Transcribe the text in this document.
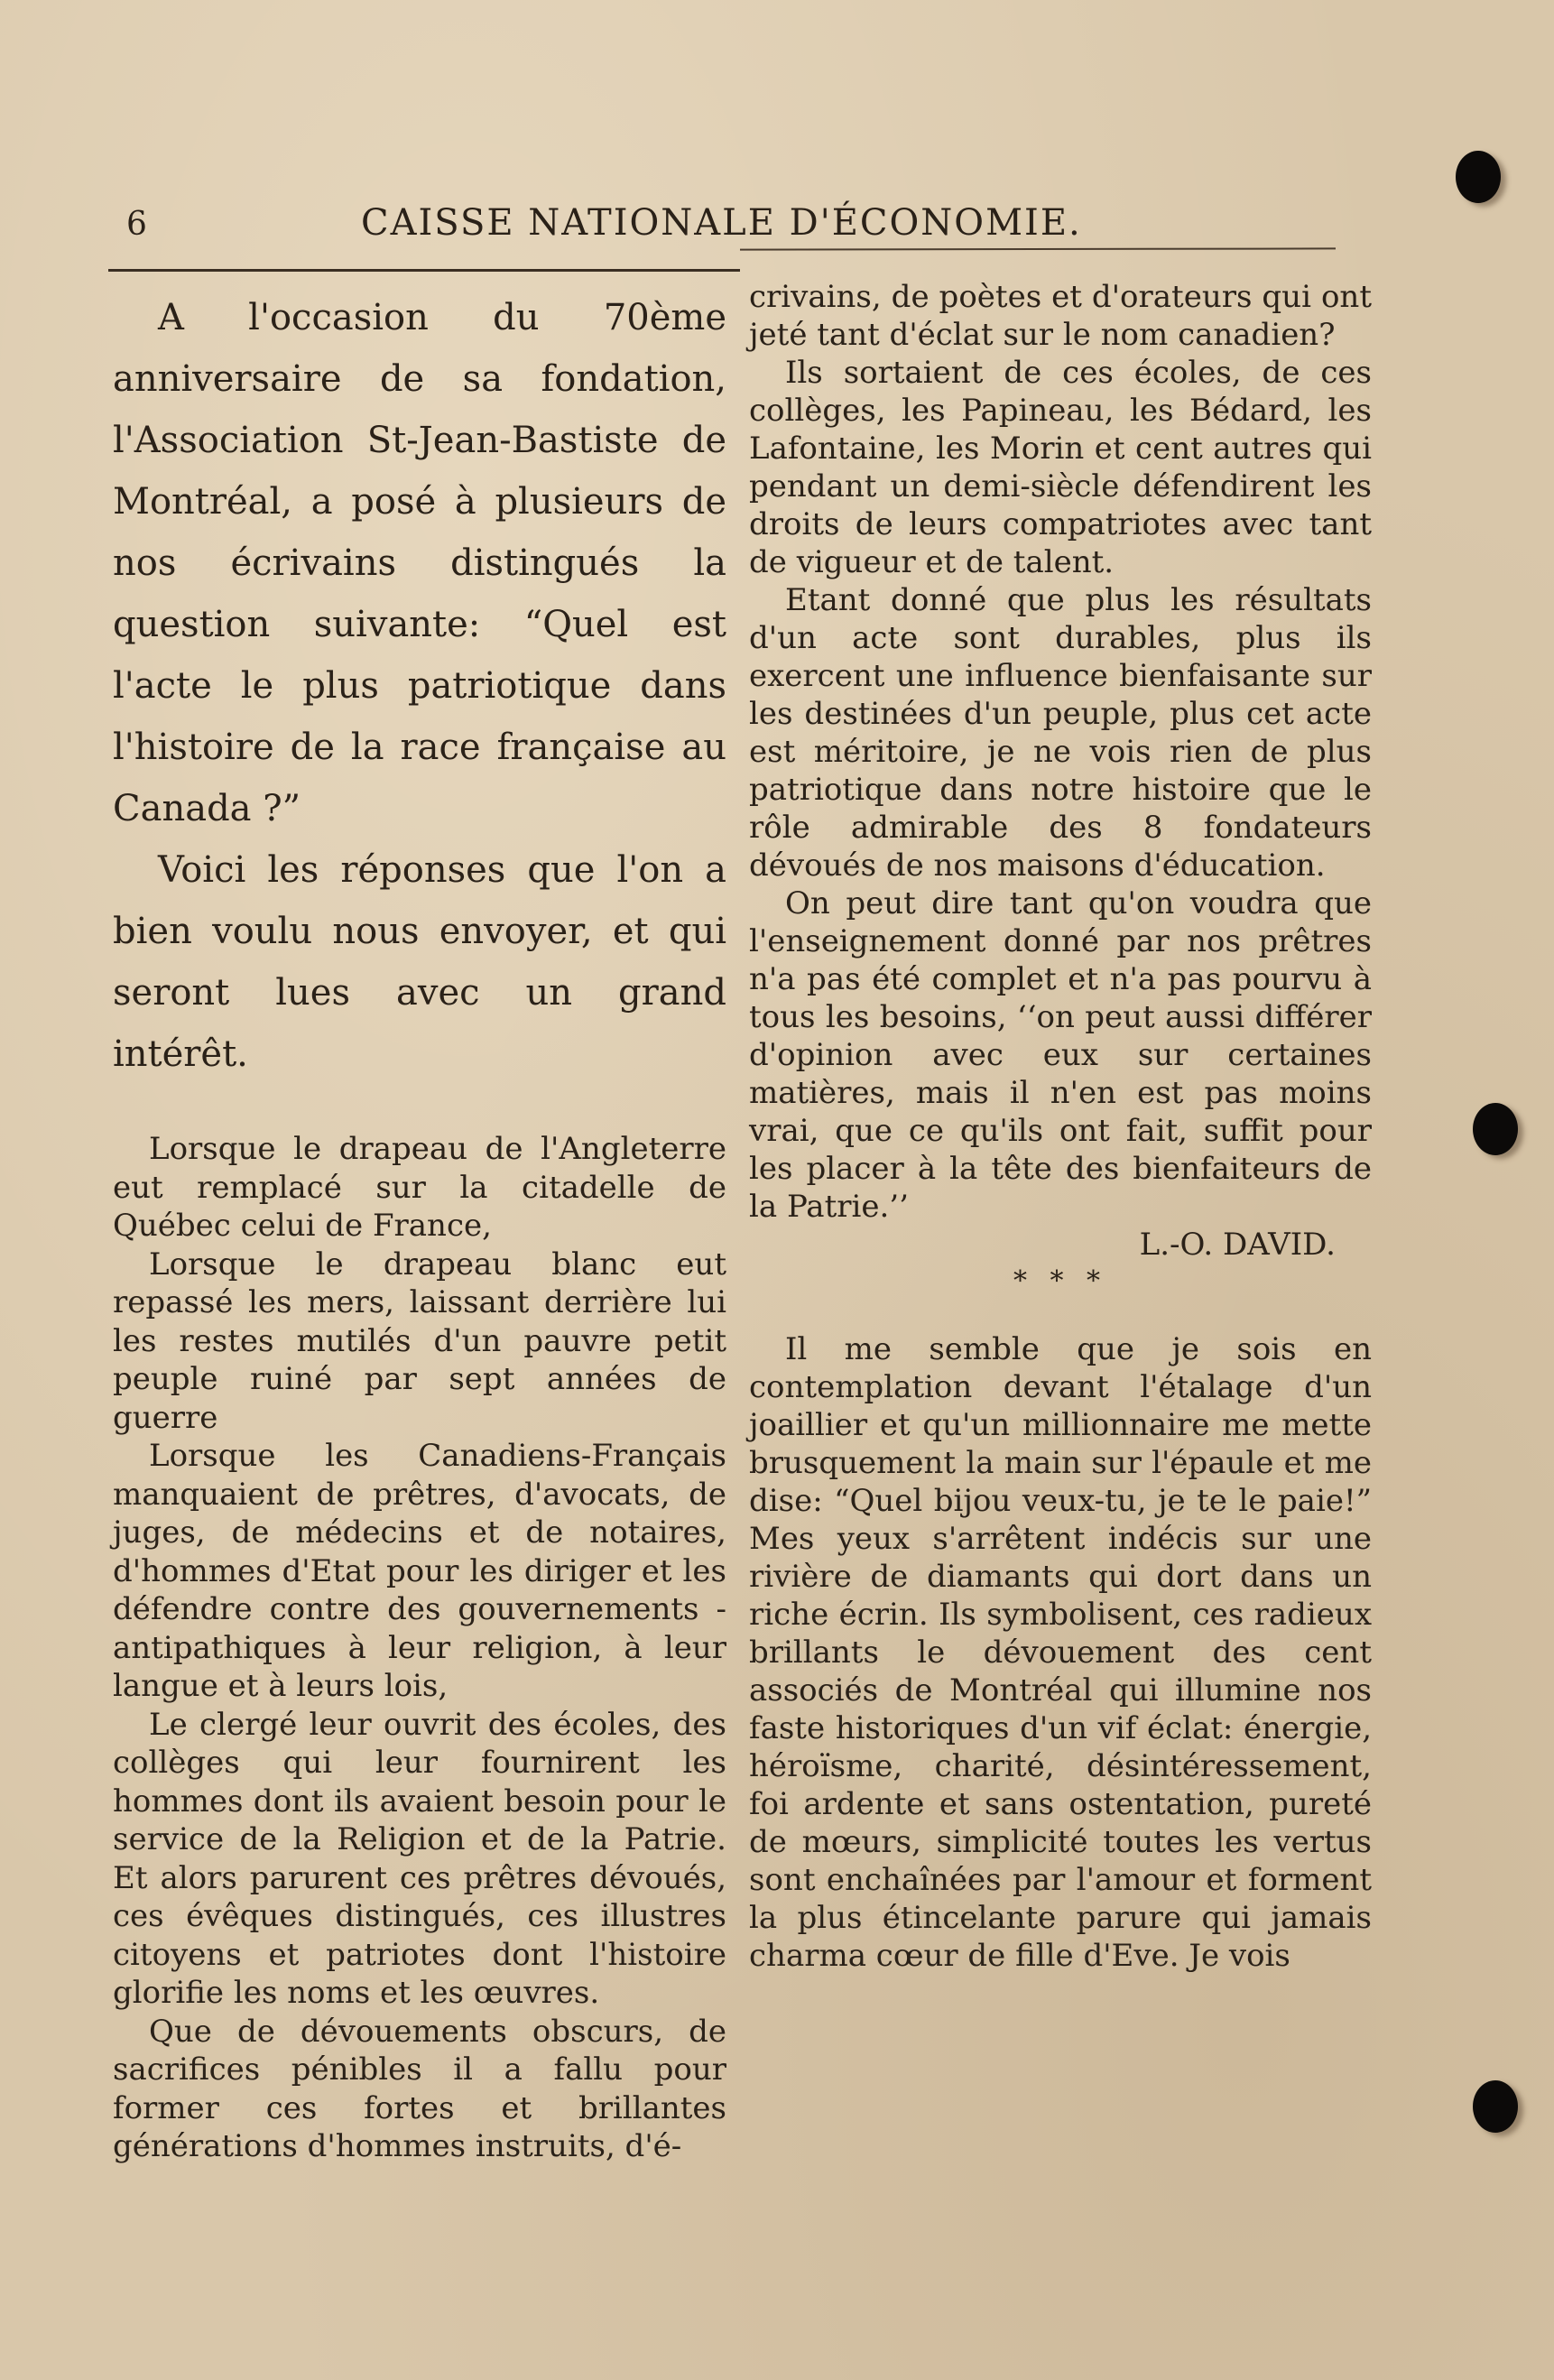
6	CAISSE NATIONALE D'ÉCONOMIE.

A l'occasion du 70ème anniversaire de sa fondation, l'Association St-Jean-Bastiste de Montréal, a posé à plusieurs de nos écrivains distingués la question suivante: “Quel est l'acte le plus patriotique dans l'histoire de la race française au Canada ?”

Voici les réponses que l'on a bien voulu nous envoyer, et qui seront lues avec un grand intérêt.

Lorsque le drapeau de l'Angleterre eut remplacé sur la citadelle de Québec celui de France,

Lorsque le drapeau blanc eut repassé les mers, laissant derrière lui les restes mutilés d'un pauvre petit peuple ruiné par sept années de guerre

Lorsque les Canadiens-Français manquaient de prêtres, d'avocats, de juges, de médecins et de notaires, d'hommes d'Etat pour les diriger et les défendre contre des gouvernements - antipathiques à leur religion, à leur langue et à leurs lois,

Le clergé leur ouvrit des écoles, des collèges qui leur fournirent les hommes dont ils avaient besoin pour le service de la Religion et de la Patrie. Et alors parurent ces prêtres dévoués, ces évêques distingués, ces illustres citoyens et patriotes dont l'histoire glorifie les noms et les œuvres.

Que de dévouements obscurs, de sacrifices pénibles il a fallu pour former ces fortes et brillantes générations d'hommes instruits, d'é-

crivains, de poètes et d'orateurs qui ont jeté tant d'éclat sur le nom canadien?

Ils sortaient de ces écoles, de ces collèges, les Papineau, les Bédard, les Lafontaine, les Morin et cent autres qui pendant un demi-siècle défendirent les droits de leurs compatriotes avec tant de vigueur et de talent.

Etant donné que plus les résultats d'un acte sont durables, plus ils exercent une influence bienfaisante sur les destinées d'un peuple, plus cet acte est méritoire, je ne vois rien de plus patriotique dans notre histoire que le rôle admirable des 8 fondateurs dévoués de nos maisons d'éducation.

On peut dire tant qu'on voudra que l'enseignement donné par nos prêtres n'a pas été complet et n'a pas pourvu à tous les besoins, ‘‘on peut aussi différer d'opinion avec eux sur certaines matières, mais il n'en est pas moins vrai, que ce qu'ils ont fait, suffit pour les placer à la tête des bienfaiteurs de la Patrie.’’

L.-O. DAVID.
* * *

Il me semble que je sois en contemplation devant l'étalage d'un joaillier et qu'un millionnaire me mette brusquement la main sur l'épaule et me dise: “Quel bijou veux-tu, je te le paie!” Mes yeux s'arrêtent indécis sur une rivière de diamants qui dort dans un riche écrin. Ils symbolisent, ces radieux brillants le dévouement des cent associés de Montréal qui illumine nos faste historiques d'un vif éclat: énergie, héroïsme, charité, désintéressement, foi ardente et sans ostentation, pureté de mœurs, simplicité toutes les vertus sont enchaînées par l'amour et forment la plus étincelante parure qui jamais charma cœur de fille d'Eve. Je vois
